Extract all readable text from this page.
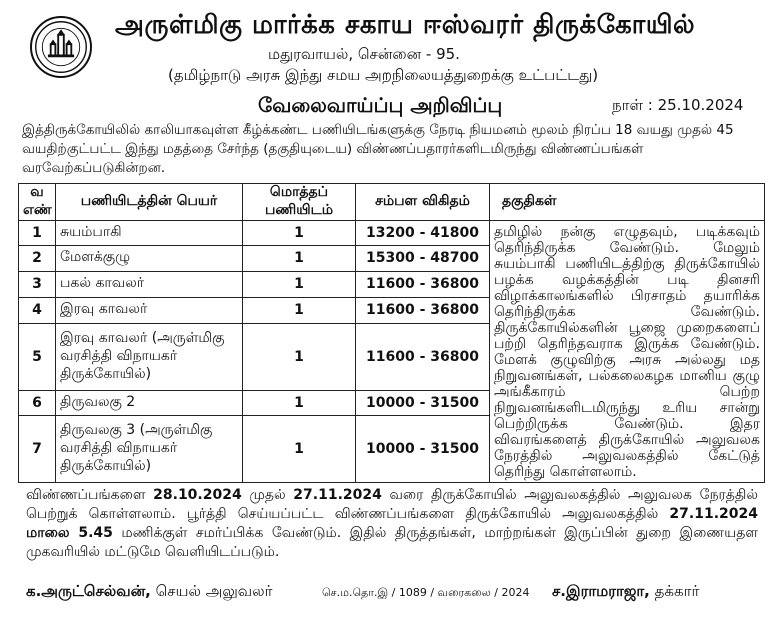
அருள்மிகு மார்க்க சகாய ஈஸ்வரர் திருக்கோயில்
மதுரவாயல், சென்னை - 95.
(தமிழ்நாடு அரசு இந்து சமய அறநிலையத்துறைக்கு உட்பட்டது)
வேலைவாய்ப்பு அறிவிப்பு	நாள் : 25.10.2024
இத்திருக்கோயிலில் காலியாகவுள்ள கீழ்க்கண்ட பணியிடங்களுக்கு நேரடி நியமனம் மூலம் நிரப்ப 18 வயது முதல் 45 வயதிற்குட்பட்ட இந்து மதத்தை சேர்ந்த (தகுதியுடைய) விண்ணப்பதாரர்களிடமிருந்து விண்ணப்பங்கள் வரவேற்கப்படுகின்றன.
வ எண்	பணியிடத்தின் பெயர்	மொத்தப் பணியிடம்	சம்பள விகிதம்	தகுதிகள்
1	சுயம்பாகி	1	13200 - 41800	தமிழில் நன்கு எழுதவும், படிக்கவும் தெரிந்திருக்க வேண்டும். மேலும் சுயம்பாகி பணியிடத்திற்கு திருக்கோயில் பழக்க வழக்கத்தின் படி தினசரி விழாக்காலங்களில் பிரசாதம் தயாரிக்க தெரிந்திருக்க வேண்டும். திருக்கோயில்களின் பூஜை முறைகளைப் பற்றி தெரிந்தவராக இருக்க வேண்டும். மேளக் குழுவிற்கு அரசு அல்லது மத நிறுவனங்கள், பல்கலைகழக மானிய குழு அங்கீகாரம் பெற்ற நிறுவனங்களிடமிருந்து உரிய சான்று பெற்றிருக்க வேண்டும். இதர விவரங்களைத் திருக்கோயில் அலுவலக நேரத்தில் அலுவலகத்தில் கேட்டுத் தெரிந்து கொள்ளலாம்.
2	மேளக்குழு	1	15300 - 48700	
3	பகல் காவலர்	1	11600 - 36800	
4	இரவு காவலர்	1	11600 - 36800	
5	இரவு காவலர் (அருள்மிகு வரசித்தி விநாயகர் திருக்கோயில்)	1	11600 - 36800	
6	திருவலகு 2	1	10000 - 31500	
7	திருவலகு 3 (அருள்மிகு வரசித்தி விநாயகர் திருக்கோயில்)	1	10000 - 31500	
விண்ணப்பங்களை 28.10.2024 முதல் 27.11.2024 வரை திருக்கோயில் அலுவலகத்தில் அலுவலக நேரத்தில் பெற்றுக் கொள்ளலாம். பூர்த்தி செய்யப்பட்ட விண்ணப்பங்களை திருக்கோயில் அலுவலகத்தில் 27.11.2024 மாலை 5.45 மணிக்குள் சமர்ப்பிக்க வேண்டும். இதில் திருத்தங்கள், மாற்றங்கள் இருப்பின் துறை இணையதள முகவரியில் மட்டுமே வெளியிடப்படும்.
க.அருட்செல்வன், செயல் அலுவலர்	செ.ம.தொ.இ / 1089 / வரைகலை / 2024 ச.இராமராஜா, தக்கார்
